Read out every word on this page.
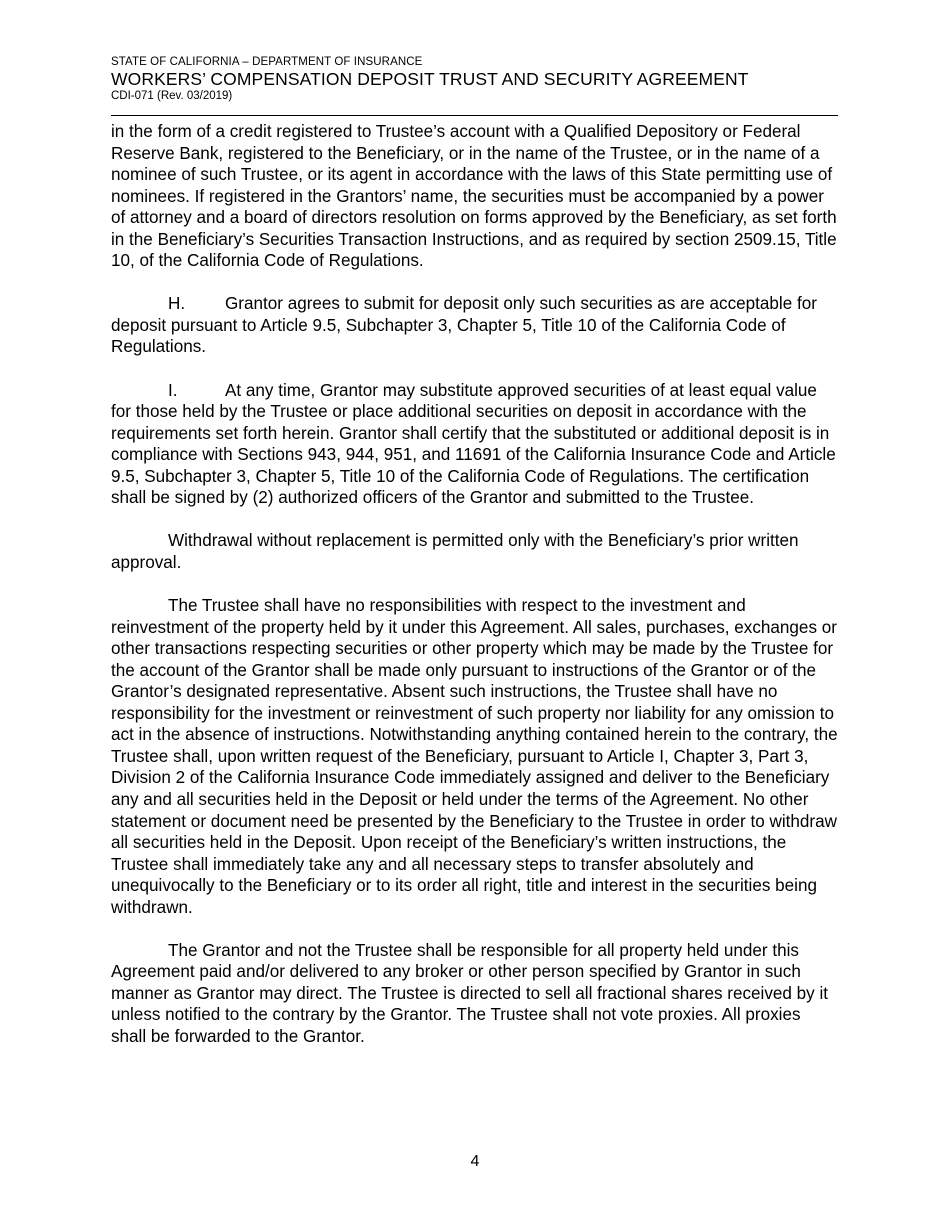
STATE OF CALIFORNIA – DEPARTMENT OF INSURANCE
WORKERS’ COMPENSATION DEPOSIT TRUST AND SECURITY AGREEMENT
CDI-071 (Rev. 03/2019)

in the form of a credit registered to Trustee’s account with a Qualified Depository or Federal Reserve Bank, registered to the Beneficiary, or in the name of the Trustee, or in the name of a nominee of such Trustee, or its agent in accordance with the laws of this State permitting use of nominees. If registered in the Grantors’ name, the securities must be accompanied by a power of attorney and a board of directors resolution on forms approved by the Beneficiary, as set forth in the Beneficiary’s Securities Transaction Instructions, and as required by section 2509.15, Title 10, of the California Code of Regulations.

H. Grantor agrees to submit for deposit only such securities as are acceptable for deposit pursuant to Article 9.5, Subchapter 3, Chapter 5, Title 10 of the California Code of Regulations.

I.	At any time, Grantor may substitute approved securities of at least equal value for those held by the Trustee or place additional securities on deposit in accordance with the requirements set forth herein. Grantor shall certify that the substituted or additional deposit is in compliance with Sections 943, 944, 951, and 11691 of the California Insurance Code and Article 9.5, Subchapter 3, Chapter 5, Title 10 of the California Code of Regulations. The certification shall be signed by (2) authorized officers of the Grantor and submitted to the Trustee.

Withdrawal without replacement is permitted only with the Beneficiary’s prior written approval.

The Trustee shall have no responsibilities with respect to the investment and reinvestment of the property held by it under this Agreement. All sales, purchases, exchanges or other transactions respecting securities or other property which may be made by the Trustee for the account of the Grantor shall be made only pursuant to instructions of the Grantor or of the Grantor’s designated representative. Absent such instructions, the Trustee shall have no responsibility for the investment or reinvestment of such property nor liability for any omission to act in the absence of instructions. Notwithstanding anything contained herein to the contrary, the Trustee shall, upon written request of the Beneficiary, pursuant to Article I, Chapter 3, Part 3, Division 2 of the California Insurance Code immediately assigned and deliver to the Beneficiary any and all securities held in the Deposit or held under the terms of the Agreement. No other statement or document need be presented by the Beneficiary to the Trustee in order to withdraw all securities held in the Deposit. Upon receipt of the Beneficiary’s written instructions, the Trustee shall immediately take any and all necessary steps to transfer absolutely and unequivocally to the Beneficiary or to its order all right, title and interest in the securities being withdrawn.

The Grantor and not the Trustee shall be responsible for all property held under this Agreement paid and/or delivered to any broker or other person specified by Grantor in such manner as Grantor may direct. The Trustee is directed to sell all fractional shares received by it unless notified to the contrary by the Grantor. The Trustee shall not vote proxies. All proxies shall be forwarded to the Grantor.

4
